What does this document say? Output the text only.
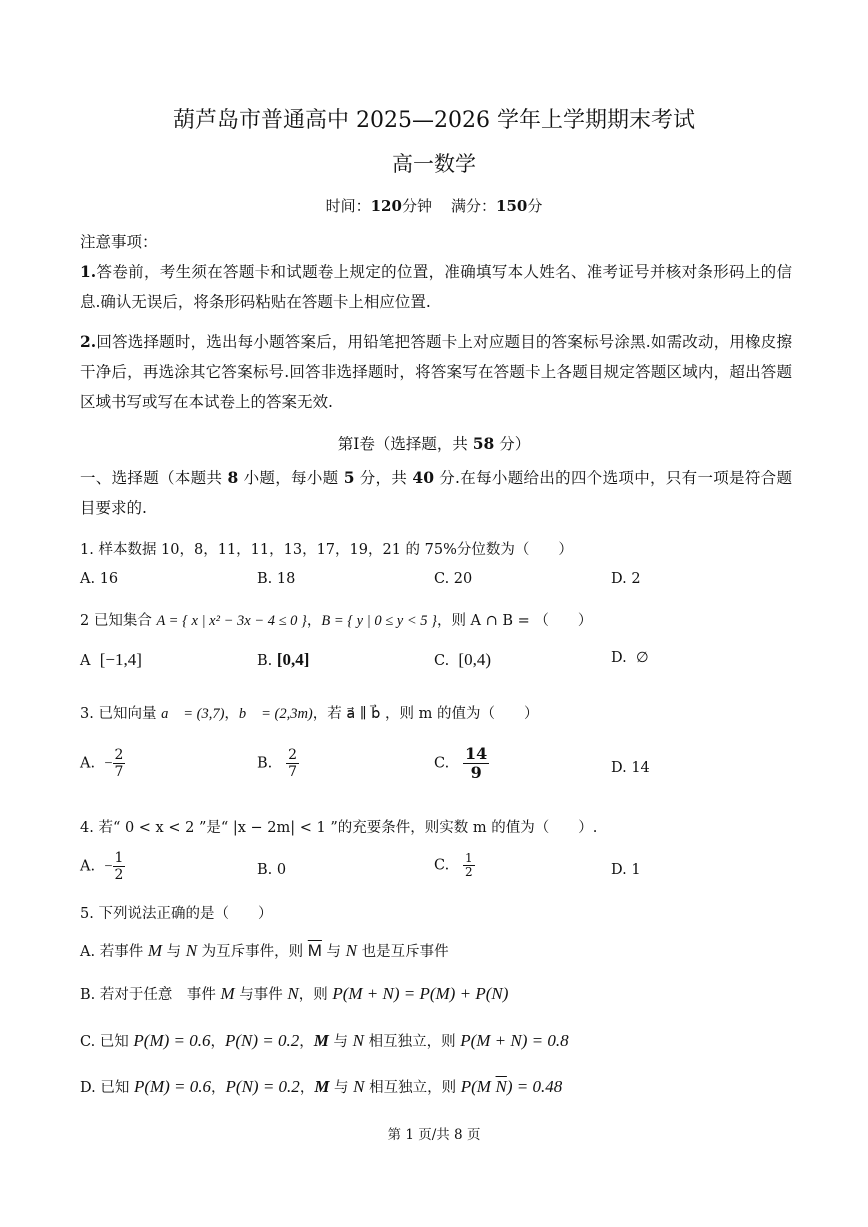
葫芦岛市普通高中 2025—2026 学年上学期期末考试
高一数学
时间：120分钟 满分：150分
注意事项：
1.答卷前，考生须在答题卡和试题卷上规定的位置，准确填写本人姓名、准考证号并核对条形码上的信息.确认无误后，将条形码粘贴在答题卡上相应位置.
2.回答选择题时，选出每小题答案后，用铅笔把答题卡上对应题目的答案标号涂黑.如需改动，用橡皮擦干净后，再选涂其它答案标号.回答非选择题时，将答案写在答题卡上各题目规定答题区域内，超出答题区域书写或写在本试卷上的答案无效.
第Ⅰ卷（选择题，共 58 分）
一、选择题（本题共 8 小题，每小题 5 分，共 40 分.在每小题给出的四个选项中，只有一项是符合题目要求的.
1. 样本数据 10，8，11，11，13，17，19，21 的 75%分位数为（　　）
A. 16	B. 18	C. 20	D. 2
2 已知集合 A = { x | x² − 3x − 4 ≤ 0 }，B = { y | 0 ≤ y < 5 }，则 A ∩ B = （　　）
A [−1,4]	B. [0,4]	C. [0,4)	D. ∅
3. 已知向量 a⃗ = (3,7)，b⃗ = (2,3m)，若 a⃗ ∥ b⃗ ，则 m 的值为（　　）
A. − $\frac{2}{7}$	B. $\frac{2}{7}$	C. $\frac{14}{9}$	D. 14
4. 若“ 0 < x < 2 ”是“ |x − 2m| < 1 ”的充要条件，则实数 m 的值为（　　）.
A. − $\frac{1}{2}$	B. 0	C. $\frac{1}{2}$	D. 1
5. 下列说法正确的是（　　）
A. 若事件 M 与 N 为互斥事件，则 $\overline{M}$ 与 N 也是互斥事件
B. 若对于任意　事件 M 与事件 N，则 P(M + N) = P(M) + P(N)
C. 已知 P(M) = 0.6，P(N) = 0.2，M 与 N 相互独立，则 P(M + N) = 0.8
D. 已知 P(M) = 0.6，P(N) = 0.2，M 与 N 相互独立，则 P(M $\overline{N}) = 0.48$
第 1 页/共 8 页
